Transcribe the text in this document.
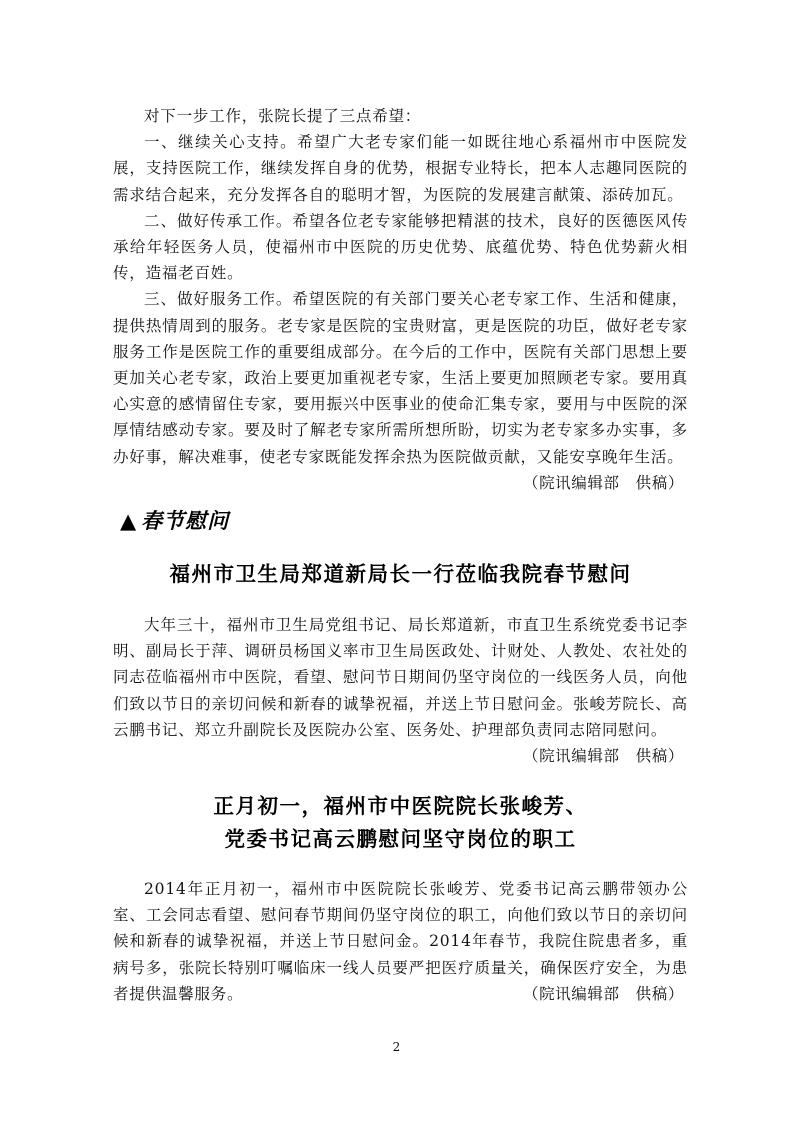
对下一步工作，张院长提了三点希望：

一、继续关心支持。希望广大老专家们能一如既往地心系福州市中医院发展，支持医院工作，继续发挥自身的优势，根据专业特长，把本人志趣同医院的需求结合起来，充分发挥各自的聪明才智，为医院的发展建言献策、添砖加瓦。

二、做好传承工作。希望各位老专家能够把精湛的技术，良好的医德医风传承给年轻医务人员，使福州市中医院的历史优势、底蕴优势、特色优势薪火相传，造福老百姓。

三、做好服务工作。希望医院的有关部门要关心老专家工作、生活和健康，提供热情周到的服务。老专家是医院的宝贵财富，更是医院的功臣，做好老专家服务工作是医院工作的重要组成部分。在今后的工作中，医院有关部门思想上要更加关心老专家，政治上要更加重视老专家，生活上要更加照顾老专家。要用真心实意的感情留住专家，要用振兴中医事业的使命汇集专家，要用与中医院的深厚情结感动专家。要及时了解老专家所需所想所盼，切实为老专家多办实事，多办好事，解决难事，使老专家既能发挥余热为医院做贡献，又能安享晚年生活。

（院讯编辑部　供稿）

▲ 春节慰问
福州市卫生局郑道新局长一行莅临我院春节慰问

大年三十，福州市卫生局党组书记、局长郑道新，市直卫生系统党委书记李明、副局长于萍、调研员杨国义率市卫生局医政处、计财处、人教处、农社处的同志莅临福州市中医院，看望、慰问节日期间仍坚守岗位的一线医务人员，向他们致以节日的亲切问候和新春的诚挚祝福，并送上节日慰问金。张峻芳院长、高云鹏书记、郑立升副院长及医院办公室、医务处、护理部负责同志陪同慰问。

（院讯编辑部　供稿）

正月初一，福州市中医院院长张峻芳、
党委书记高云鹏慰问坚守岗位的职工

2014年正月初一，福州市中医院院长张峻芳、党委书记高云鹏带领办公室、工会同志看望、慰问春节期间仍坚守岗位的职工，向他们致以节日的亲切问候和新春的诚挚祝福，并送上节日慰问金。2014年春节，我院住院患者多，重病号多，张院长特别叮嘱临床一线人员要严把医疗质量关，确保医疗安全，为患者提供温馨服务。	（院讯编辑部　供稿）

2
